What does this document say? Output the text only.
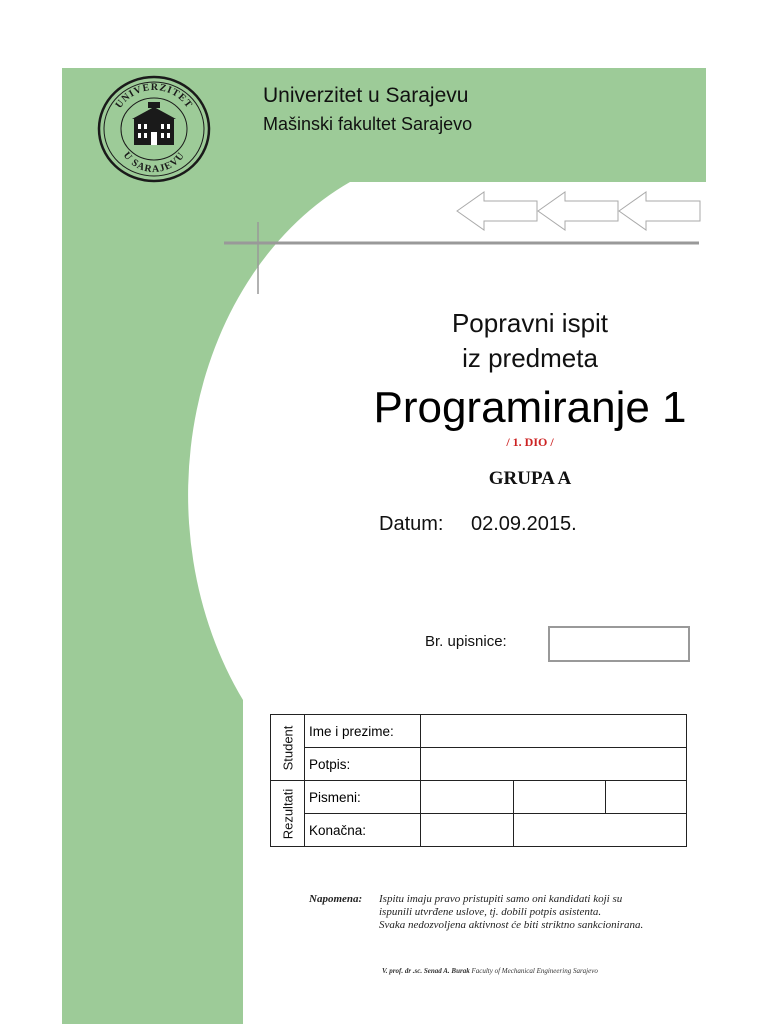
UNIVERZITET
U SARAJEVU
Univerzitet u Sarajevu
Mašinski fakultet Sarajevo
Popravni ispit
iz predmeta
Programiranje 1
/ 1. DIO /
GRUPA A
Datum: 02.09.2015.
Br. upisnice:
Student	Ime i prezime:			
	Potpis:			

Rezultati	Pismeni:			
	Konačna:			
Napomena: Ispitu imaju pravo pristupiti samo oni kandidati koji su
ispunili utvrđene uslove, tj. dobili potpis asistenta.
Svaka nedozvoljena aktivnost će biti striktno sankcionirana.
V. prof. dr .sc. Senad A. Burak Faculty of Mechanical Engineering Sarajevo
